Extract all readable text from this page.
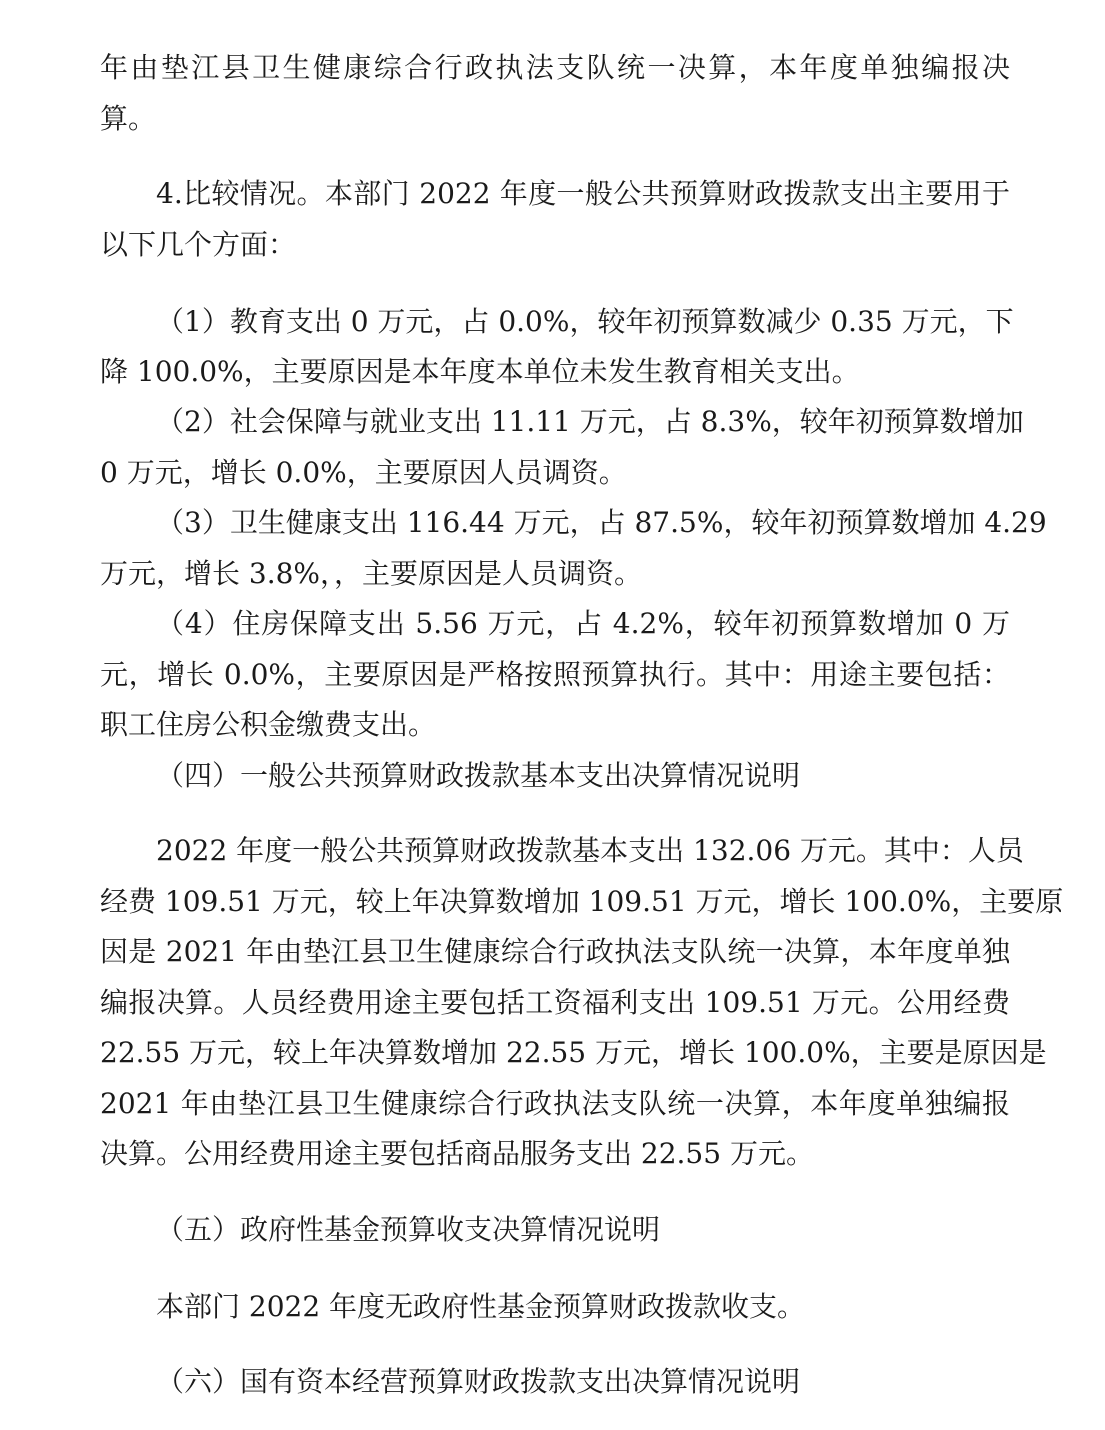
年由垫江县卫生健康综合行政执法支队统一决算，本年度单独编报决
算。
4.比较情况。本部门 2022 年度一般公共预算财政拨款支出主要用于
以下几个方面：
（1）教育支出 0 万元，占 0.0%，较年初预算数减少 0.35 万元，下
降 100.0%，主要原因是本年度本单位未发生教育相关支出。
（2）社会保障与就业支出 11.11 万元，占 8.3%，较年初预算数增加
0 万元，增长 0.0%，主要原因人员调资。
（3）卫生健康支出 116.44 万元，占 87.5%，较年初预算数增加 4.29
万元，增长 3.8%，，主要原因是人员调资。
（4）住房保障支出 5.56 万元，占 4.2%，较年初预算数增加 0 万
元，增长 0.0%，主要原因是严格按照预算执行。其中：用途主要包括：
职工住房公积金缴费支出。
（四）一般公共预算财政拨款基本支出决算情况说明
2022 年度一般公共预算财政拨款基本支出 132.06 万元。其中：人员
经费 109.51 万元，较上年决算数增加 109.51 万元，增长 100.0%，主要原
因是 2021 年由垫江县卫生健康综合行政执法支队统一决算，本年度单独
编报决算。人员经费用途主要包括工资福利支出 109.51 万元。公用经费
22.55 万元，较上年决算数增加 22.55 万元，增长 100.0%，主要是原因是
2021 年由垫江县卫生健康综合行政执法支队统一决算，本年度单独编报
决算。公用经费用途主要包括商品服务支出 22.55 万元。
（五）政府性基金预算收支决算情况说明
本部门 2022 年度无政府性基金预算财政拨款收支。
（六）国有资本经营预算财政拨款支出决算情况说明
